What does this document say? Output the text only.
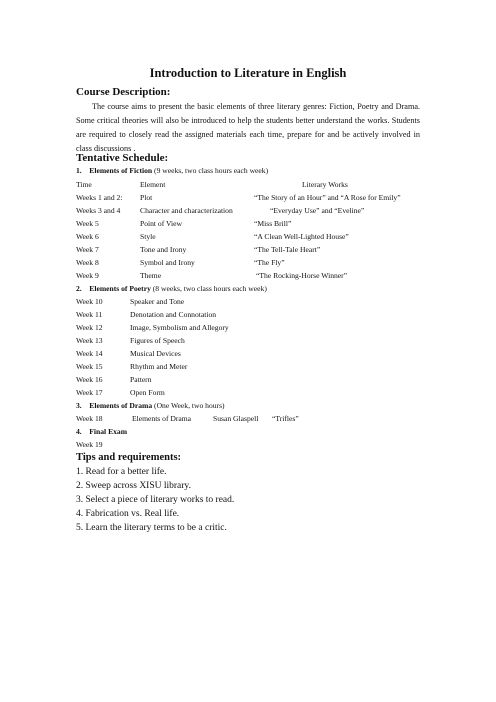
Introduction to Literature in English
Course Description:
The course aims to present the basic elements of three literary genres: Fiction, Poetry and Drama. Some critical theories will also be introduced to help the students better understand the works. Students are required to closely read the assigned materials each time, prepare for and be actively involved in class discussions .
Tentative Schedule:
1.    Elements of Fiction (9 weeks, two class hours each week)
Time	Element	Literary Works
Weeks 1 and 2: Plot	“The Story of an Hour” and “A Rose for Emily”
Weeks 3 and 4	Character and characterization	“Everyday Use” and “Eveline”
Week 5	Point of View	“Miss Brill”
Week 6	Style	“A Clean Well-Lighted House”
Week 7	Tone and Irony	“The Tell-Tale Heart”
Week 8	Symbol and Irony	“The Fly”
Week 9	Theme	“The Rocking-Horse Winner”
2.    Elements of Poetry (8 weeks, two class hours each week)
Week 10	Speaker and Tone
Week 11	Denotation and Connotation
Week 12	Image, Symbolism and Allegory
Week 13	Figures of Speech
Week 14	Musical Devices
Week 15	Rhythm and Meter
Week 16	Pattern
Week 17	Open Form
3.    Elements of Drama (One Week, two hours)
Week 18	Elements of Drama	Susan Glaspell “Trifles”
4.    Final Exam
Week 19
Tips and requirements:
1. Read for a better life.
2. Sweep across XISU library.
3. Select a piece of literary works to read.
4. Fabrication vs. Real life.
5. Learn the literary terms to be a critic.
